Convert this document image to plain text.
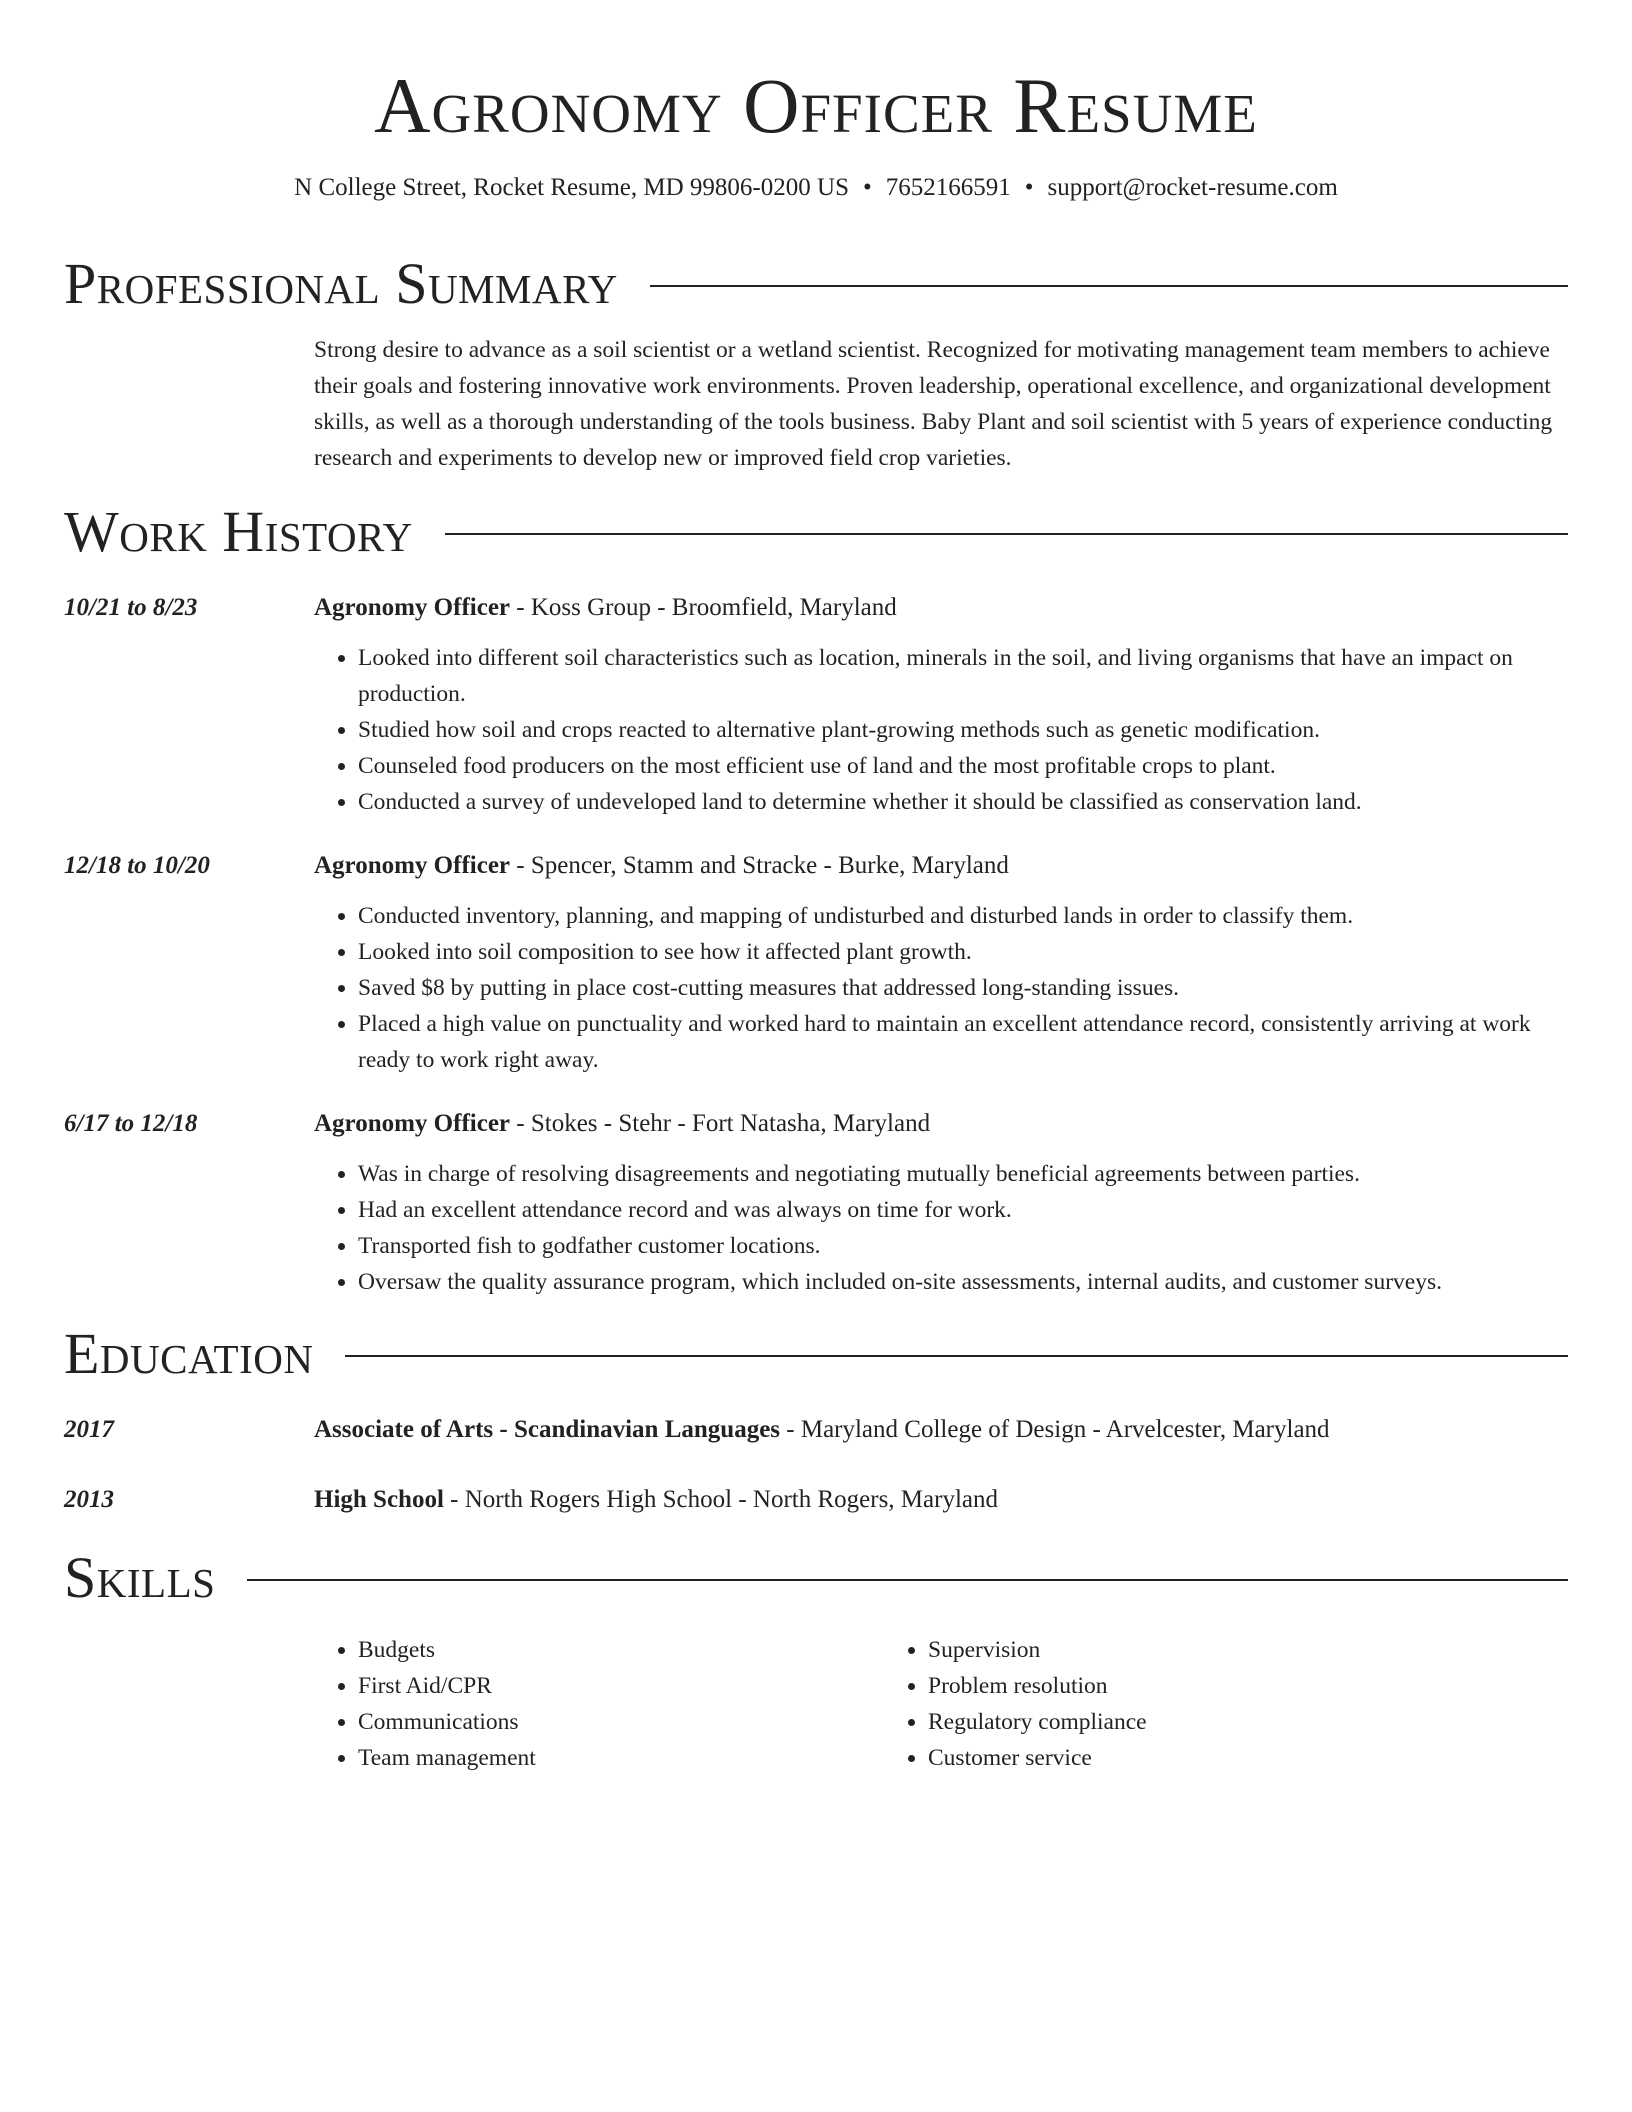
Agronomy Officer Resume
N College Street, Rocket Resume, MD 99806-0200 US • 7652166591 • support@rocket-resume.com
Professional Summary
Strong desire to advance as a soil scientist or a wetland scientist. Recognized for motivating management team members to achieve their goals and fostering innovative work environments. Proven leadership, operational excellence, and organizational development skills, as well as a thorough understanding of the tools business. Baby Plant and soil scientist with 5 years of experience conducting research and experiments to develop new or improved field crop varieties.
Work History
10/21 to 8/23	Agronomy Officer - Koss Group - Broomfield, Maryland
• Looked into different soil characteristics such as location, minerals in the soil, and living organisms that have an impact on production.
• Studied how soil and crops reacted to alternative plant-growing methods such as genetic modification.
• Counseled food producers on the most efficient use of land and the most profitable crops to plant.
• Conducted a survey of undeveloped land to determine whether it should be classified as conservation land.
12/18 to 10/20	Agronomy Officer - Spencer, Stamm and Stracke - Burke, Maryland
• Conducted inventory, planning, and mapping of undisturbed and disturbed lands in order to classify them.
• Looked into soil composition to see how it affected plant growth.
• Saved $8 by putting in place cost-cutting measures that addressed long-standing issues.
• Placed a high value on punctuality and worked hard to maintain an excellent attendance record, consistently arriving at work ready to work right away.
6/17 to 12/18	Agronomy Officer - Stokes - Stehr - Fort Natasha, Maryland
• Was in charge of resolving disagreements and negotiating mutually beneficial agreements between parties.
• Had an excellent attendance record and was always on time for work.
• Transported fish to godfather customer locations.
• Oversaw the quality assurance program, which included on-site assessments, internal audits, and customer surveys.
Education
2017	Associate of Arts - Scandinavian Languages - Maryland College of Design - Arvelcester, Maryland
2013	High School - North Rogers High School - North Rogers, Maryland
Skills
• Budgets
• First Aid/CPR
• Communications
• Team management
• Supervision
• Problem resolution
• Regulatory compliance
• Customer service
